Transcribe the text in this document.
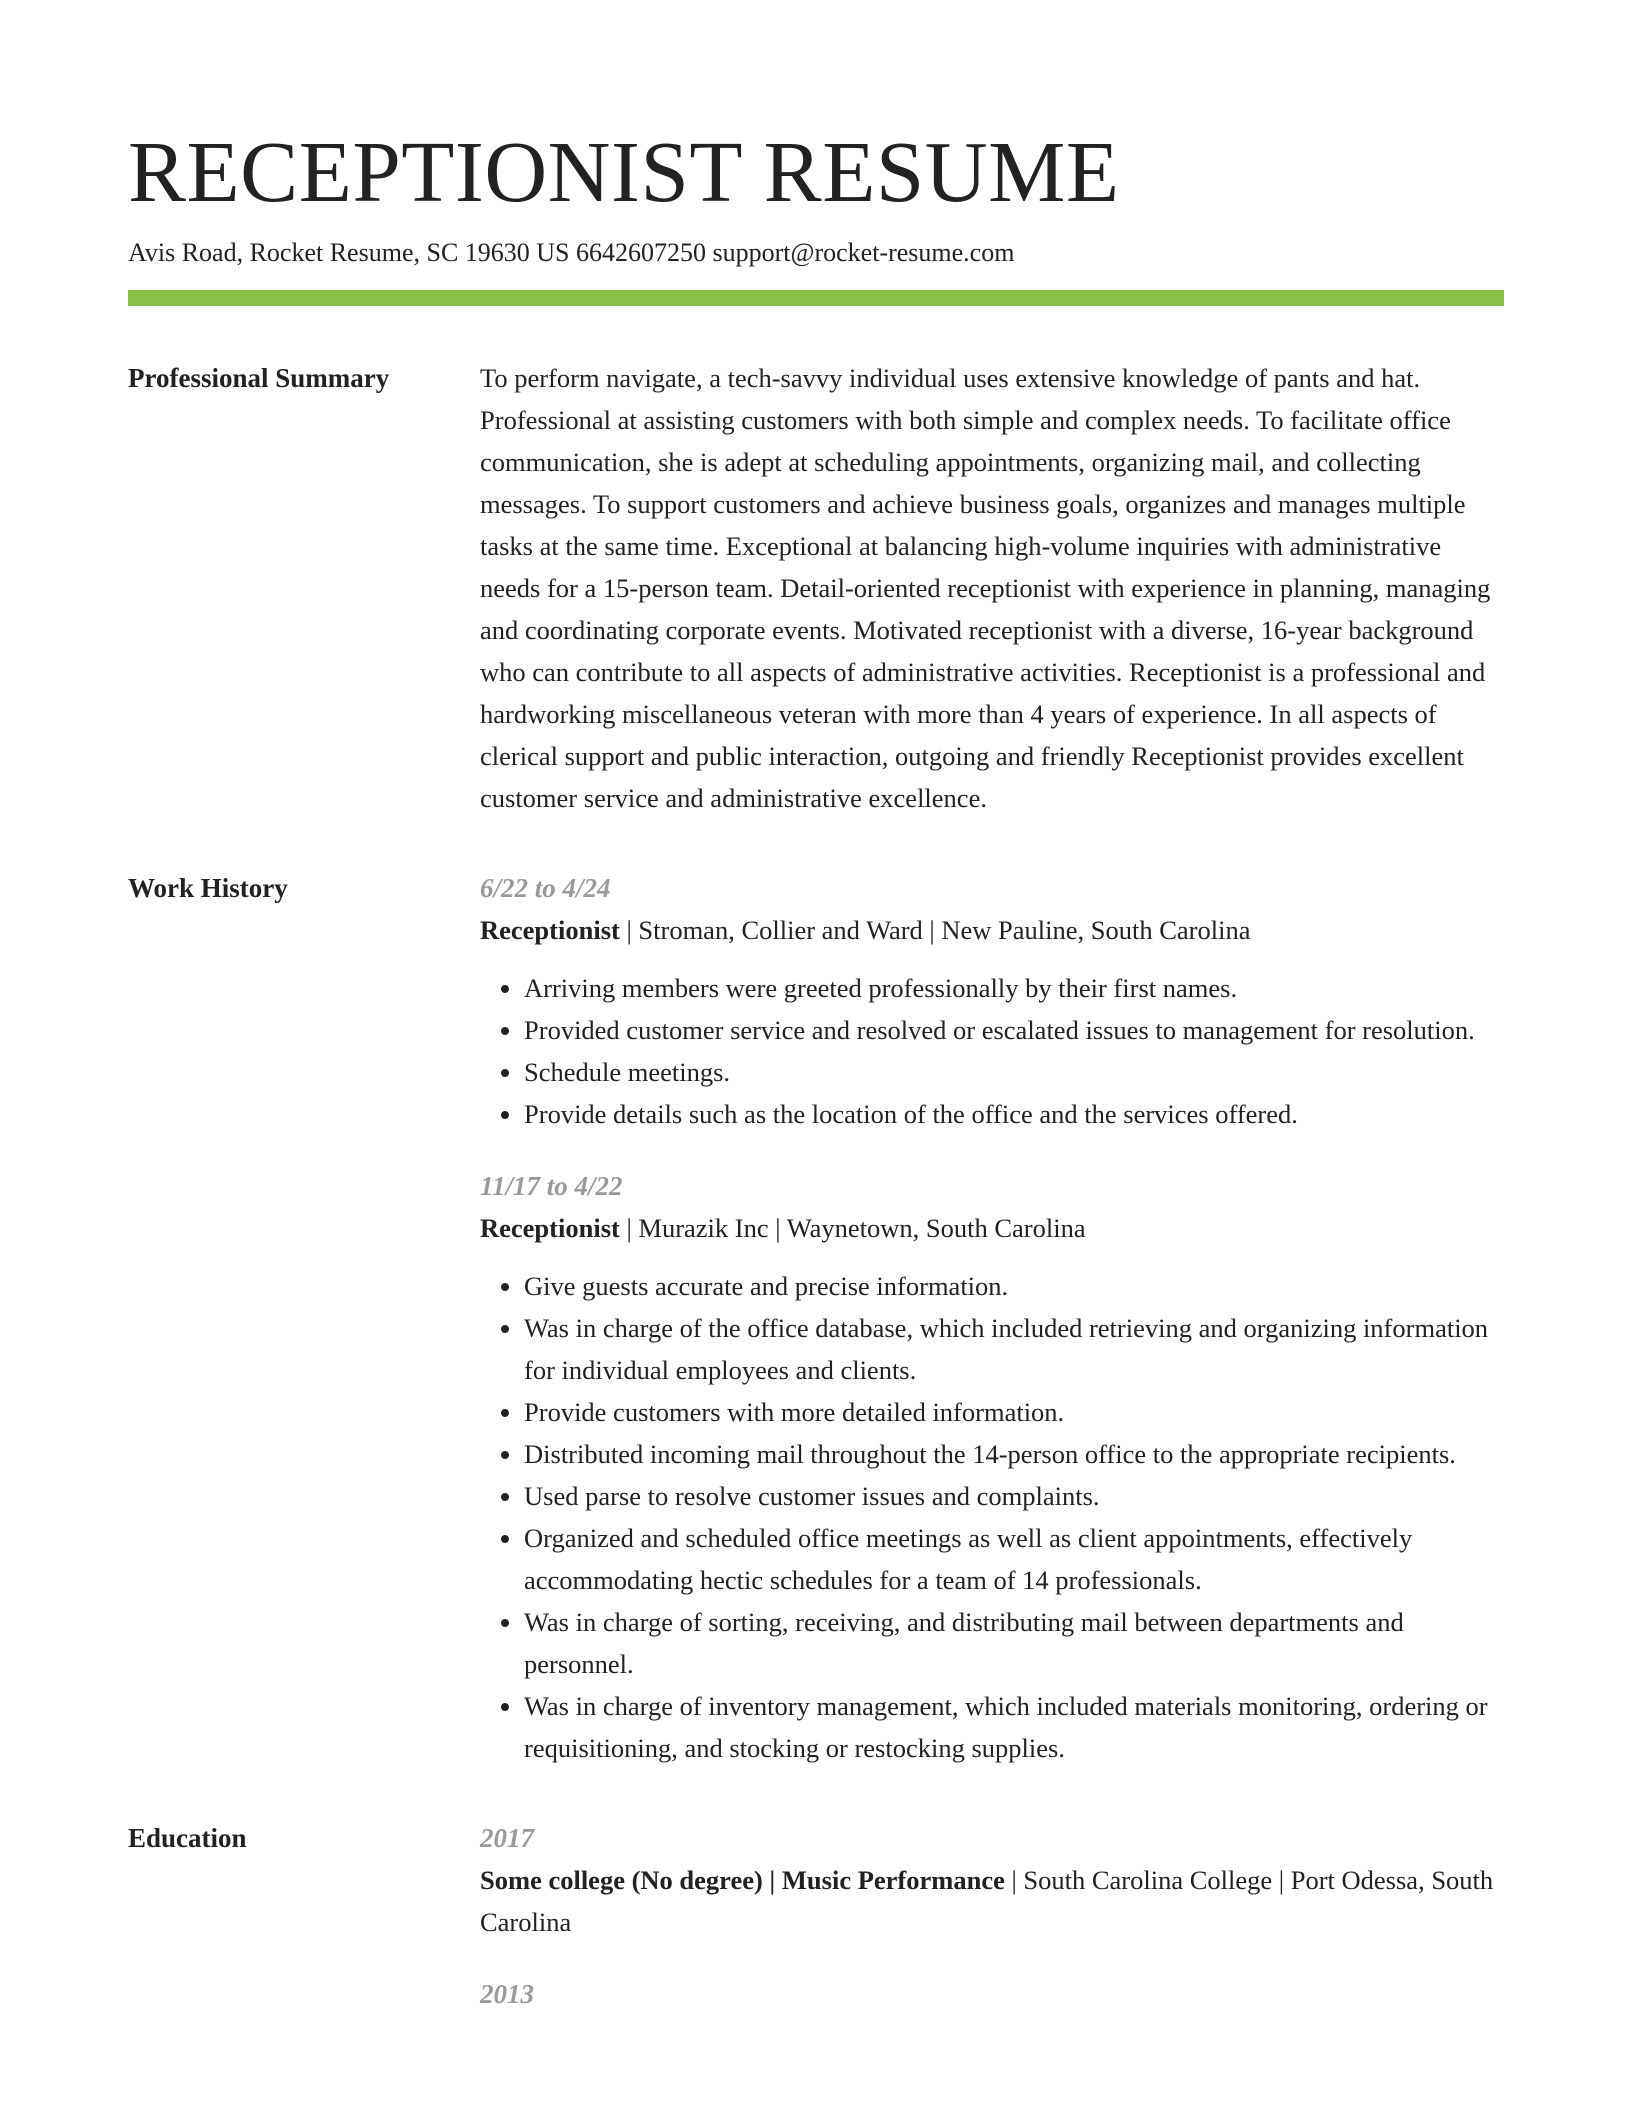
RECEPTIONIST RESUME
Avis Road, Rocket Resume, SC 19630 US 6642607250 support@rocket-resume.com
Professional Summary	To perform navigate, a tech-savvy individual uses extensive knowledge of pants and hat. Professional at assisting customers with both simple and complex needs. To facilitate office communication, she is adept at scheduling appointments, organizing mail, and collecting messages. To support customers and achieve business goals, organizes and manages multiple tasks at the same time. Exceptional at balancing high-volume inquiries with administrative needs for a 15-person team. Detail-oriented receptionist with experience in planning, managing and coordinating corporate events. Motivated receptionist with a diverse, 16-year background who can contribute to all aspects of administrative activities. Receptionist is a professional and hardworking miscellaneous veteran with more than 4 years of experience. In all aspects of clerical support and public interaction, outgoing and friendly Receptionist provides excellent customer service and administrative excellence.

Work History	6/22 to 4/24
Receptionist | Stroman, Collier and Ward | New Pauline, South Carolina
• Arriving members were greeted professionally by their first names.
• Provided customer service and resolved or escalated issues to management for resolution.
• Schedule meetings.
• Provide details such as the location of the office and the services offered.
11/17 to 4/22
Receptionist | Murazik Inc | Waynetown, South Carolina
• Give guests accurate and precise information.
• Was in charge of the office database, which included retrieving and organizing information for individual employees and clients.
• Provide customers with more detailed information.
• Distributed incoming mail throughout the 14-person office to the appropriate recipients.
• Used parse to resolve customer issues and complaints.
• Organized and scheduled office meetings as well as client appointments, effectively accommodating hectic schedules for a team of 14 professionals.
• Was in charge of sorting, receiving, and distributing mail between departments and personnel.
• Was in charge of inventory management, which included materials monitoring, ordering or requisitioning, and stocking or restocking supplies.
Education	2017
Some college (No degree) | Music Performance | South Carolina College | Port Odessa, South Carolina
2013
